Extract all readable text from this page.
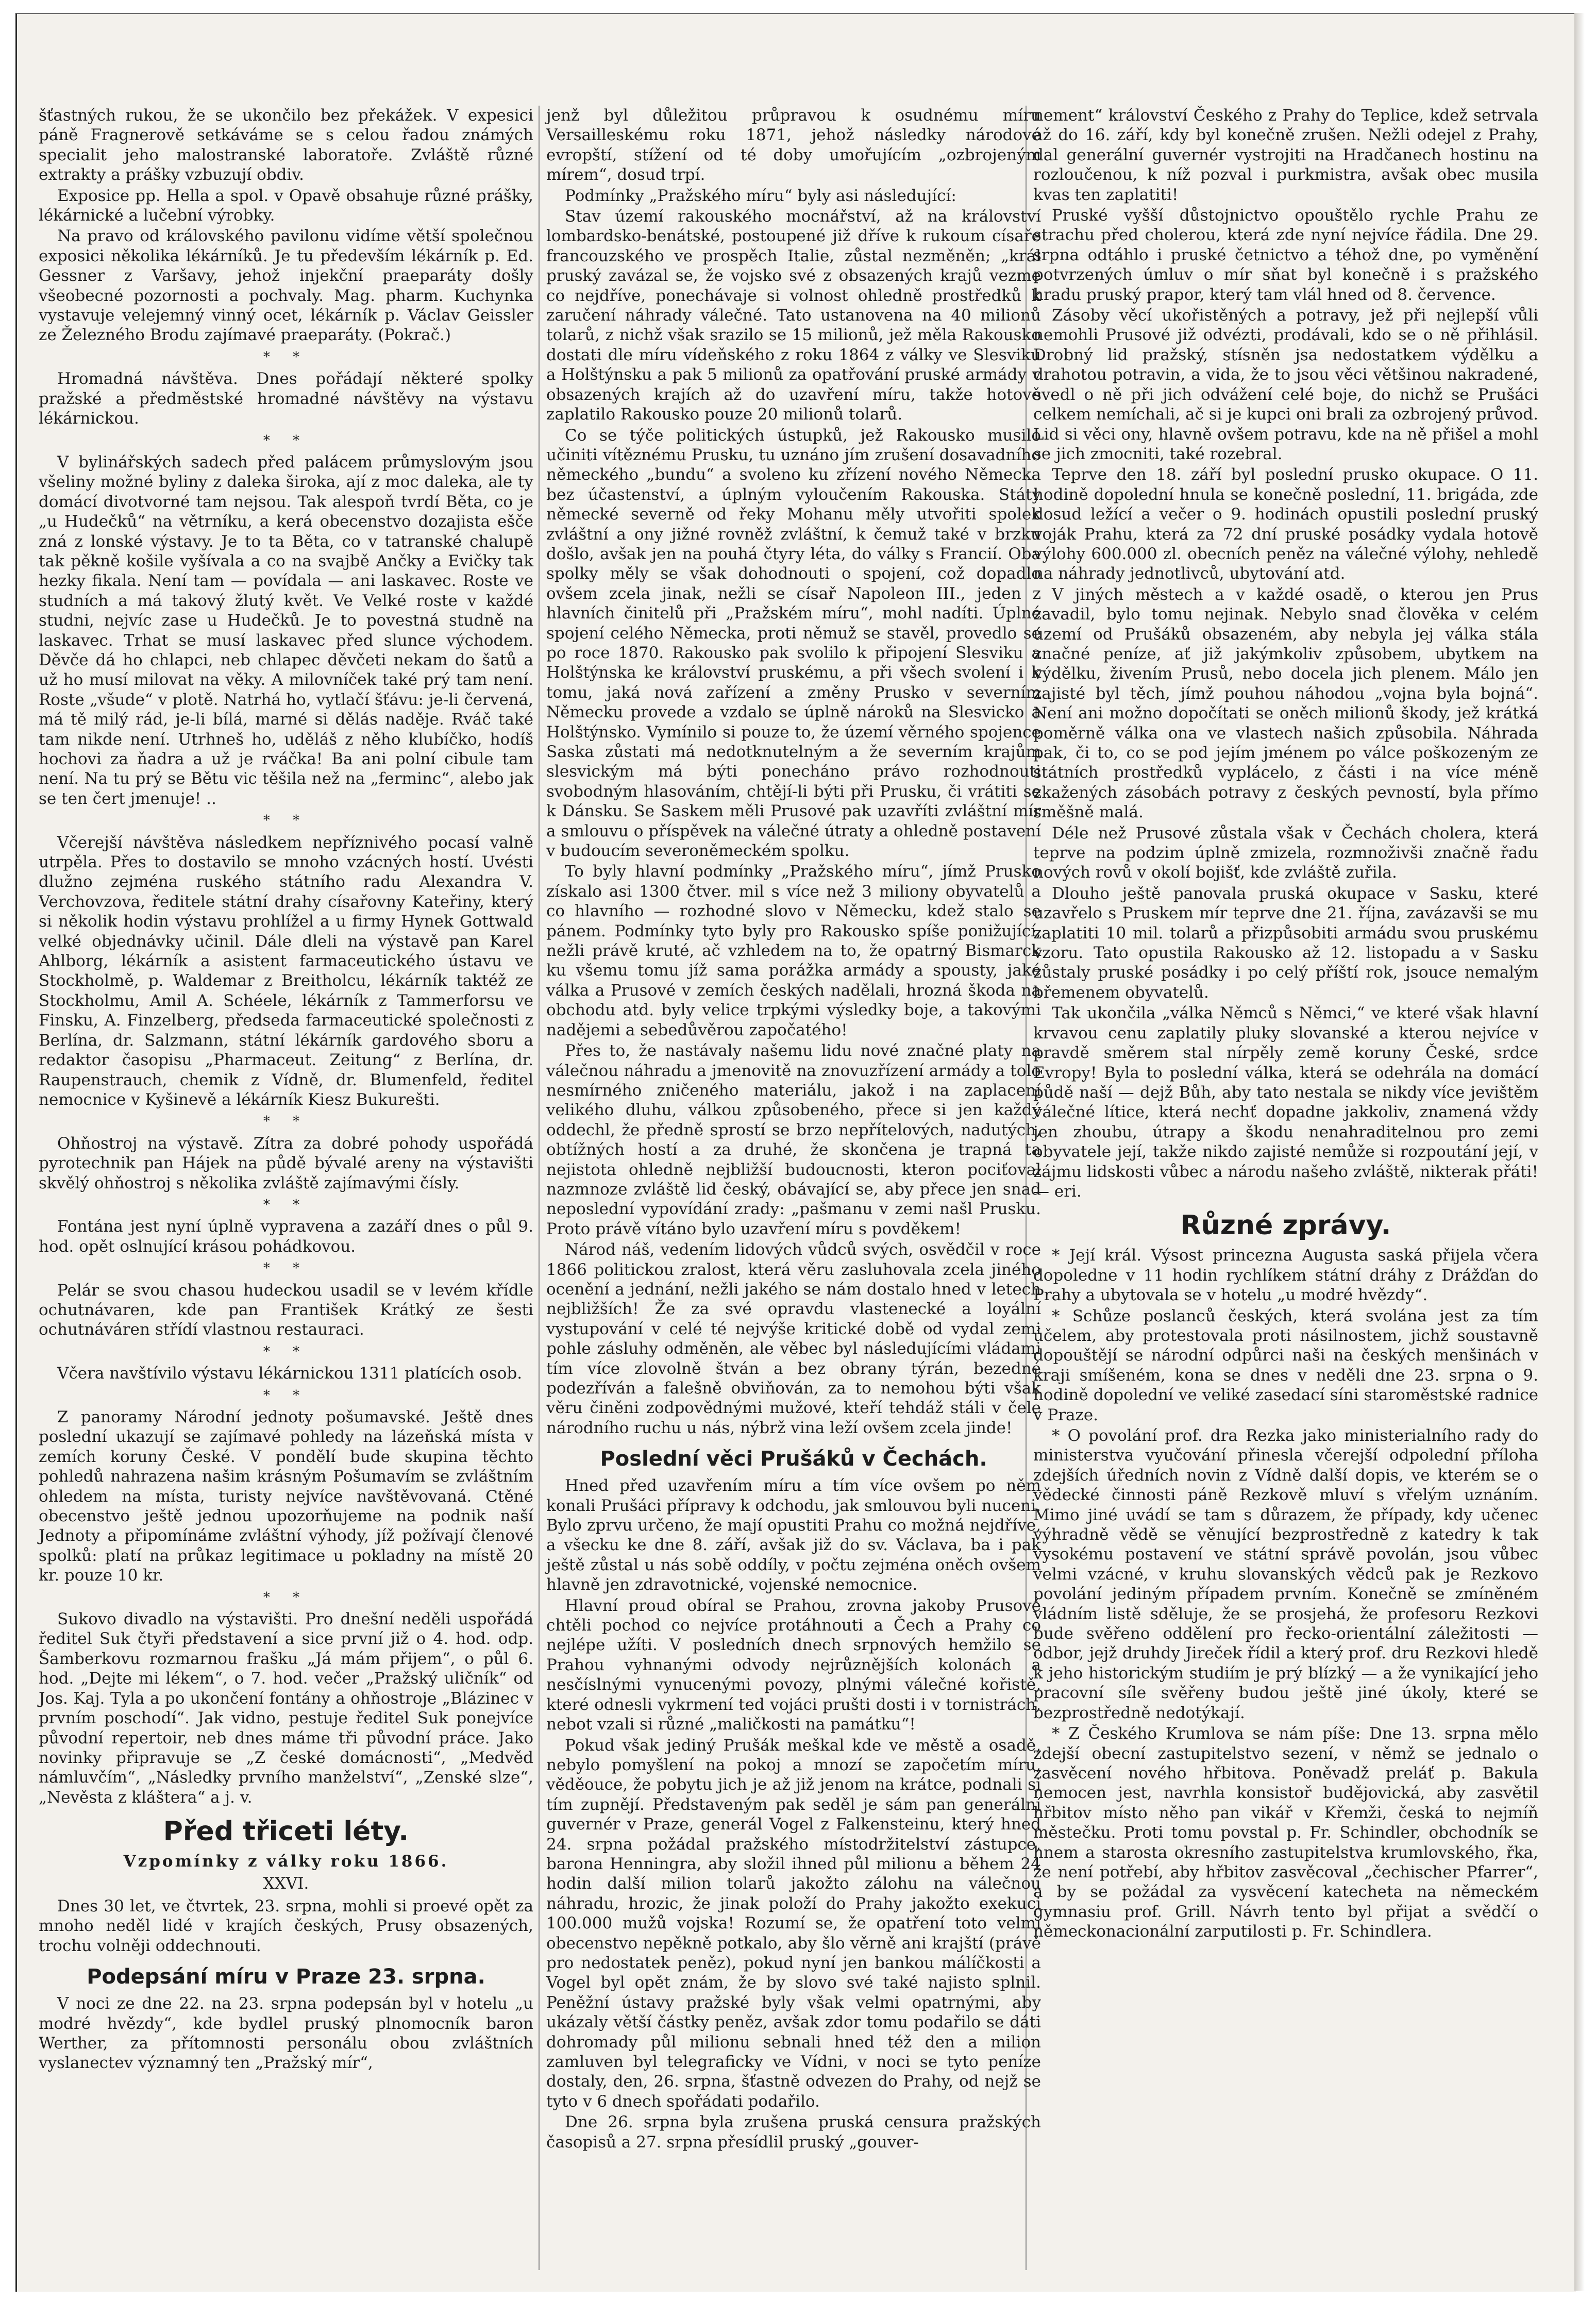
šťastných rukou, že se ukončilo bez překážek. V expesici páně Fragnerově setkáváme se s celou řadou známých specialit jeho malostranské laboratoře. Zvláště různé extrakty a prášky vzbuzují obdiv.

Exposice pp. Hella a spol. v Opavě obsahuje různé prášky, lékárnické a lučební výrobky.

Na pravo od královského pavilonu vidíme větší společnou exposici několika lékárníků. Je tu především lékárník p. Ed. Gessner z Varšavy, jehož injekční praeparáty došly všeobecné pozornosti a pochvaly. Mag. pharm. Kuchynka vystavuje velejemný vinný ocet, lékárník p. Václav Geissler ze Železného Brodu zajímavé praeparáty. (Pokrač.)

* *

Hromadná návštěva. Dnes pořádají některé spolky pražské a předměstské hromadné návštěvy na výstavu lékárnickou.

* *

V bylinářských sadech před palácem průmyslovým jsou všeliny možné byliny z daleka široka, ají z moc daleka, ale ty domácí divotvorné tam nejsou. Tak alespoň tvrdí Běta, co je „u Hudečků“ na větrníku, a kerá obecenstvo dozajista ešče zná z lonské výstavy. Je to ta Běta, co v tatranské chalupě tak pěkně košile vyšívala a co na svajbě Ančky a Evičky tak hezky fikala. Není tam — povídala — ani laskavec. Roste ve studních a má takový žlutý květ. Ve Velké roste v každé studni, nejvíc zase u Hudečků. Je to povestná studně na laskavec. Trhat se musí laskavec před slunce východem. Děvče dá ho chlapci, neb chlapec děvčeti nekam do šatů a už ho musí milovat na věky. A milovníček také prý tam není. Roste „všude“ v plotě. Natrhá ho, vytlačí šťávu: je-li červená, má tě milý rád, je-li bílá, marné si dělás naděje. Rváč také tam nikde není. Utrhneš ho, uděláš z něho klubíčko, hodíš hochovi za ňadra a už je rváčka! Ba ani polní cibule tam není. Na tu prý se Bětu vic těšila než na „ferminc“, alebo jak se ten čert jmenuje! ..

* *

Včerejší návštěva následkem nepříznivého pocasí valně utrpěla. Přes to dostavilo se mnoho vzácných hostí. Uvésti dlužno zejména ruského státního radu Alexandra V. Verchovzova, ředitele státní drahy císařovny Kateřiny, který si několik hodin výstavu prohlížel a u firmy Hynek Gottwald velké objednávky učinil. Dále dleli na výstavě pan Karel Ahlborg, lékárník a asistent farmaceutického ústavu ve Stockholmě, p. Waldemar z Breitholcu, lékárník taktéž ze Stockholmu, Amil A. Schéele, lékárník z Tammerforsu ve Finsku, A. Finzelberg, předseda farmaceutické společnosti z Berlína, dr. Salzmann, státní lékárník gardového sboru a redaktor časopisu „Pharmaceut. Zeitung“ z Berlína, dr. Raupenstrauch, chemik z Vídně, dr. Blumenfeld, ředitel nemocnice v Kyšinevě a lékárník Kiesz Bukurešti.

* *

Ohňostroj na výstavě. Zítra za dobré pohody uspořádá pyrotechnik pan Hájek na půdě bývalé areny na výstavišti skvělý ohňostroj s několika zvláště zajímavými čísly.

* *

Fontána jest nyní úplně vypravena a zazáří dnes o půl 9. hod. opět oslnující krásou pohádkovou.

* *

Pelár se svou chasou hudeckou usadil se v levém křídle ochutnávaren, kde pan František Krátký ze šesti ochutnáváren střídí vlastnou restauraci.

* *

Včera navštívilo výstavu lékárnickou 1311 platících osob.

* *

Z panoramy Národní jednoty pošumavské. Ještě dnes poslední ukazují se zajímavé pohledy na lázeňská místa v zemích koruny České. V pondělí bude skupina těchto pohledů nahrazena našim krásným Pošumavím se zvláštním ohledem na místa, turisty nejvíce navštěvovaná. Ctěné obecenstvo ještě jednou upozorňujeme na podnik naší Jednoty a připomínáme zvláštní výhody, jíž požívají členové spolků: platí na průkaz legitimace u pokladny na místě 20 kr. pouze 10 kr.

* *

Sukovo divadlo na výstavišti. Pro dnešní neděli uspořádá ředitel Suk čtyři představení a sice první již o 4. hod. odp. Šamberkovu rozmarnou frašku „Já mám přijem“, o půl 6. hod. „Dejte mi lékem“, o 7. hod. večer „Pražský uličník“ od Jos. Kaj. Tyla a po ukončení fontány a ohňostroje „Blázinec v prvním poschodí“. Jak vidno, pestuje ředitel Suk ponejvíce původní repertoir, neb dnes máme tři původní práce. Jako novinky připravuje se „Z české domácnosti“, „Medvěd námluvčím“, „Následky prvního manželství“, „Zenské slze“, „Nevěsta z kláštera“ a j. v.

Před třiceti léty.
Vzpomínky z války roku 1866.
XXVI.

Dnes 30 let, ve čtvrtek, 23. srpna, mohli si proevé opět za mnoho neděl lidé v krajích českých, Prusy obsazených, trochu volněji oddechnouti.

Podepsání míru v Praze 23. srpna.

V noci ze dne 22. na 23. srpna podepsán byl v hotelu „u modré hvězdy“, kde bydlel pruský plnomocník baron Werther, za přítomnosti personálu obou zvláštních vyslanectev významný ten „Pražský mír“,

jenž byl důležitou průpravou k osudnému míru Versailleskému roku 1871, jehož následky národové evropští, stížení od té doby umořujícím „ozbrojeným mírem“, dosud trpí.

Podmínky „Pražského míru“ byly asi následující:

Stav území rakouského mocnářství, až na království lombardsko-benátské, postoupené již dříve k rukoum císaře francouzského ve prospěch Italie, zůstal nezměněn; „král pruský zavázal se, že vojsko své z obsazených krajů vezme co nejdříve, ponechávaje si volnost ohledně prostředků k zaručení náhrady válečné. Tato ustanovena na 40 milionů tolarů, z nichž však srazilo se 15 milionů, jež měla Rakousko dostati dle míru vídeňského z roku 1864 z války ve Slesviku a Holštýnsku a pak 5 milionů za opatřování pruské armády v obsazených krajích až do uzavření míru, takže hotově zaplatilo Rakousko pouze 20 milionů tolarů.

Co se týče politických ústupků, jež Rakousko musilo učiniti vítěznému Prusku, tu uznáno jím zrušení dosavadního německého „bundu“ a svoleno ku zřízení nového Německa bez účastenství, a úplným vyloučením Rakouska. Státy německé severně od řeky Mohanu měly utvořiti spolek zvláštní a ony jižné rovněž zvláštní, k čemuž také v brzku došlo, avšak jen na pouhá čtyry léta, do války s Francií. Oba spolky měly se však dohodnouti o spojení, což dopadlo ovšem zcela jinak, nežli se císař Napoleon III., jeden z hlavních činitelů při „Pražském míru“, mohl nadíti. Úplné spojení celého Německa, proti němuž se stavěl, provedlo se po roce 1870. Rakousko pak svolilo k připojení Slesviku a Holštýnska ke království pruskému, a při všech svolení i k tomu, jaká nová zařízení a změny Prusko v severním Německu provede a vzdalo se úplně nároků na Slesvicko a Holštýnsko. Vymínilo si pouze to, že území věrného spojence Saska zůstati má nedotknutelným a že severním krajům slesvickým má býti ponecháno právo rozhodnouti svobodným hlasováním, chtějí-li býti při Prusku, či vrátiti se k Dánsku. Se Saskem měli Prusové pak uzavříti zvláštní mír a smlouvu o příspěvek na válečné útraty a ohledně postavení v budoucím severoněmeckém spolku.

To byly hlavní podmínky „Pražského míru“, jímž Prusko získalo asi 1300 čtver. mil s více než 3 miliony obyvatelů a co hlavního — rozhodné slovo v Německu, kdež stalo se pánem. Podmínky tyto byly pro Rakousko spíše ponižující, nežli právě kruté, ač vzhledem na to, že opatrný Bismarck ku všemu tomu jíž sama porážka armády a spousty, jaké válka a Prusové v zemích českých nadělali, hrozná škoda na obchodu atd. byly velice trpkými výsledky boje, a takovými nadějemi a sebedůvěrou započatého!

Přes to, že nastávaly našemu lidu nové značné platy na válečnou náhradu a jmenovitě na znovuzřízení armády a tolo nesmírného zničeného materiálu, jakož i na zaplacení velikého dluhu, válkou způsobeného, přece si jen každý oddechl, že předně sprostí se brzo nepřítelových, nadutých, obtížných hostí a za druhé, že skončena je trapná ta nejistota ohledně nejbližší budoucnosti, kteron pociťoval nazmnoze zvláště lid český, obávající se, aby přece jen snad neposlední vypovídání zrady: „pašmanu v zemi našl Prusku. Proto právě vítáno bylo uzavření míru s povděkem!

Národ náš, vedením lidových vůdců svých, osvědčil v roce 1866 politickou zralost, která věru zasluhovala zcela jiného ocenění a jednání, nežli jakého se nám dostalo hned v letech nejbližších! Že za své opravdu vlastenecké a loyální vystupování v celé té nejvýše kritické době od vydal zemi pohle zásluhy odměněn, ale věbec byl následujícími vládami tím více zlovolně štván a bez obrany týrán, bezedné podezříván a falešně obviňován, za to nemohou býti však věru činěni zodpovědnými mužové, kteří tehdáž stáli v čele národního ruchu u nás, nýbrž vina leží ovšem zcela jinde!

Poslední věci Prušáků v Čechách.

Hned před uzavřením míru a tím více ovšem po něm konali Prušáci přípravy k odchodu, jak smlouvou byli nuceni. Bylo zprvu určeno, že mají opustiti Prahu co možná nejdříve, a všecku ke dne 8. září, avšak již do sv. Václava, ba i pak ještě zůstal u nás sobě oddíly, v počtu zejména oněch ovšem hlavně jen zdravotnické, vojenské nemocnice.

Hlavní proud obíral se Prahou, zrovna jakoby Prusové chtěli pochod co nejvíce protáhnouti a Čech a Prahy co nejlépe užíti. V posledních dnech srpnových hemžilo se Prahou vyhnanými odvody nejrůznějších kolonách a nesčíslnými vynucenými povozy, plnými válečné kořistě, které odnesli vykrmení ted vojáci prušti dosti i v tornistrách, nebot vzali si různé „maličkosti na památku“!

Pokud však jediný Prušák meškal kde ve městě a osadě, nebylo pomyšlení na pokoj a mnozí se započetím míru, věděouce, že pobytu jich je až již jenom na krátce, podnali si tím zupnějí. Představeným pak seděl je sám pan generální guvernér v Praze, generál Vogel z Falkensteinu, který hned 24. srpna požádal pražského místodržitelství zástupce, barona Henningra, aby složil ihned půl milionu a během 24 hodin další milion tolarů jakožto zálohu na válečnou náhradu, hrozic, že jinak položí do Prahy jakožto exekuci 100.000 mužů vojska! Rozumí se, že opatření toto velmi obecenstvo nepěkně potkalo, aby šlo věrně ani krajští (právě pro nedostatek peněz), pokud nyní jen bankou málíčkosti a Vogel byl opět znám, že by slovo své také najisto splnil. Peněžní ústavy pražské byly však velmi opatrnými, aby ukázaly větší částky peněz, avšak zdor tomu podařilo se dáti dohromady půl milionu sebnali hned též den a milion zamluven byl telegraficky ve Vídni, v noci se tyto peníze dostaly, den, 26. srpna, šťastně odvezen do Prahy, od nejž se tyto v 6 dnech spořádati podařilo.

Dne 26. srpna byla zrušena pruská censura pražských časopisů a 27. srpna přesídlil pruský „gouver-

nement“ království Českého z Prahy do Teplice, kdež setrvala až do 16. září, kdy byl konečně zrušen. Nežli odejel z Prahy, dal generální guvernér vystrojiti na Hradčanech hostinu na rozloučenou, k níž pozval i purkmistra, avšak obec musila kvas ten zaplatiti!

Pruské vyšší důstojnictvo opouštělo rychle Prahu ze strachu před cholerou, která zde nyní nejvíce řádila. Dne 29. srpna odtáhlo i pruské četnictvo a téhož dne, po vyměnění potvrzených úmluv o mír sňat byl konečně i s pražského hradu pruský prapor, který tam vlál hned od 8. července.

Zásoby věcí ukořistěných a potravy, jež při nejlepší vůli nemohli Prusové již odvézti, prodávali, kdo se o ně přihlásil. Drobný lid pražský, stísněn jsa nedostatkem výdělku a drahotou potravin, a vida, že to jsou věci většinou nakradené, svedl o ně při jich odvážení celé boje, do nichž se Prušáci celkem nemíchali, ač si je kupci oni brali za ozbrojený průvod. Lid si věci ony, hlavně ovšem potravu, kde na ně přišel a mohl se jich zmocniti, také rozebral.

Teprve den 18. září byl poslední prusko okupace. O 11. hodině dopolední hnula se konečně poslední, 11. brigáda, zde dosud ležící a večer o 9. hodinách opustili poslední pruský voják Prahu, která za 72 dní pruské posádky vydala hotově výlohy 600.000 zl. obecních peněz na válečné výlohy, nehledě na náhrady jednotlivců, ubytování atd.

V jiných městech a v každé osadě, o kterou jen Prus zavadil, bylo tomu nejinak. Nebylo snad člověka v celém území od Prušáků obsazeném, aby nebyla jej válka stála značné peníze, ať již jakýmkoliv způsobem, ubytkem na výdělku, živením Prusů, nebo docela jich plenem. Málo jen zajisté byl těch, jímž pouhou náhodou „vojna byla bojná“. Není ani možno dopočítati se oněch milionů škody, jež krátká poměrně válka ona ve vlastech našich způsobila. Náhrada pak, či to, co se pod jejím jménem po válce poškozeným ze státních prostředků vyplácelo, z části i na více méně zkažených zásobách potravy z českých pevností, byla přímo směšně malá.

Déle než Prusové zůstala však v Čechách cholera, která teprve na podzim úplně zmizela, rozmnoživši značně řadu nových rovů v okolí bojišť, kde zvláště zuřila.

Dlouho ještě panovala pruská okupace v Sasku, které uzavřelo s Pruskem mír teprve dne 21. října, zavázavši se mu zaplatiti 10 mil. tolarů a přizpůsobiti armádu svou pruskému vzoru. Tato opustila Rakousko až 12. listopadu a v Sasku zůstaly pruské posádky i po celý příští rok, jsouce nemalým břemenem obyvatelů.

Tak ukončila „válka Němců s Němci,“ ve které však hlavní krvavou cenu zaplatily pluky slovanské a kterou nejvíce v pravdě směrem stal nírpěly země koruny České, srdce Evropy! Byla to poslední válka, která se odehrála na domácí půdě naší — dejž Bůh, aby tato nestala se nikdy více jevištěm válečné lítice, která nechť dopadne jakkoliv, znamená vždy jen zhoubu, útrapy a škodu nenahraditelnou pro zemi obyvatele její, takže nikdo zajisté nemůže si rozpoutání její, v zájmu lidskosti vůbec a národu našeho zvláště, nikterak přáti! — eri.

Různé zprávy.

* Její král. Výsost princezna Augusta saská přijela včera dopoledne v 11 hodin rychlíkem státní dráhy z Drážďan do Prahy a ubytovala se v hotelu „u modré hvězdy“.

* Schůze poslanců českých, která svolána jest za tím účelem, aby protestovala proti násilnostem, jichž soustavně dopouštějí se národní odpůrci naši na českých menšinách v kraji smíšeném, kona se dnes v neděli dne 23. srpna o 9. hodině dopolední ve veliké zasedací síni staroměstské radnice v Praze.

* O povolání prof. dra Rezka jako ministerialního rady do ministerstva vyučování přinesla včerejší odpolední příloha zdejších úředních novin z Vídně další dopis, ve kterém se o vědecké činnosti páně Rezkově mluví s vřelým uznáním. Mimo jiné uvádí se tam s důrazem, že případy, kdy učenec výhradně vědě se věnující bezprostředně z katedry k tak vysokému postavení ve státní správě povolán, jsou vůbec velmi vzácné, v kruhu slovanských vědců pak je Rezkovo povolání jediným případem prvním. Konečně se zmíněném vládním listě sděluje, že se prosjehá, že profesoru Rezkovi bude svěřeno oddělení pro řecko-orientální záležitosti — odbor, jejž druhdy Jireček řídil a který prof. dru Rezkovi hledě k jeho historickým studiím je prý blízký — a že vynikající jeho pracovní síle svěřeny budou ještě jiné úkoly, které se bezprostředně nedotýkají.

* Z Českého Krumlova se nám píše: Dne 13. srpna mělo zdejší obecní zastupitelstvo sezení, v němž se jednalo o zasvěcení nového hřbitova. Poněvadž preláť p. Bakula nemocen jest, navrhla konsistoř budějovická, aby zasvětil hřbitov místo něho pan vikář v Křemži, česká to nejmíň městečku. Proti tomu povstal p. Fr. Schindler, obchodník se hnem a starosta okresního zastupitelstva krumlovského, řka, že není potřebí, aby hřbitov zasvěcoval „čechischer Pfarrer“, a by se požádal za vysvěcení katecheta na německém gymnasiu prof. Grill. Návrh tento byl přijat a svědčí o německonacionální zarputilosti p. Fr. Schindlera.
